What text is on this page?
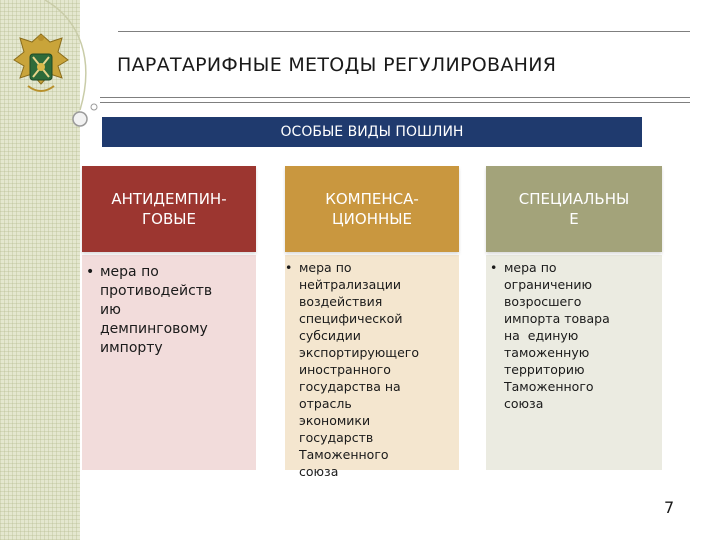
ПАРАТАРИФНЫЕ МЕТОДЫ РЕГУЛИРОВАНИЯ
ОСОБЫЕ ВИДЫ ПОШЛИН
• мера по
противодейств
ию
демпинговому
импорту
АНТИДЕМПИН-
ГОВЫЕ
• мера по
нейтрализации
воздействия
специфической
субсидии
экспортирующего
иностранного
государства на
отрасль
экономики
государств
Таможенного
союза
КОМПЕНСА-
ЦИОННЫЕ
• мера по
ограничению
возросшего
импорта товара
на  единую
таможенную
территорию
Таможенного
союза
СПЕЦИАЛЬНЫ
Е
7
